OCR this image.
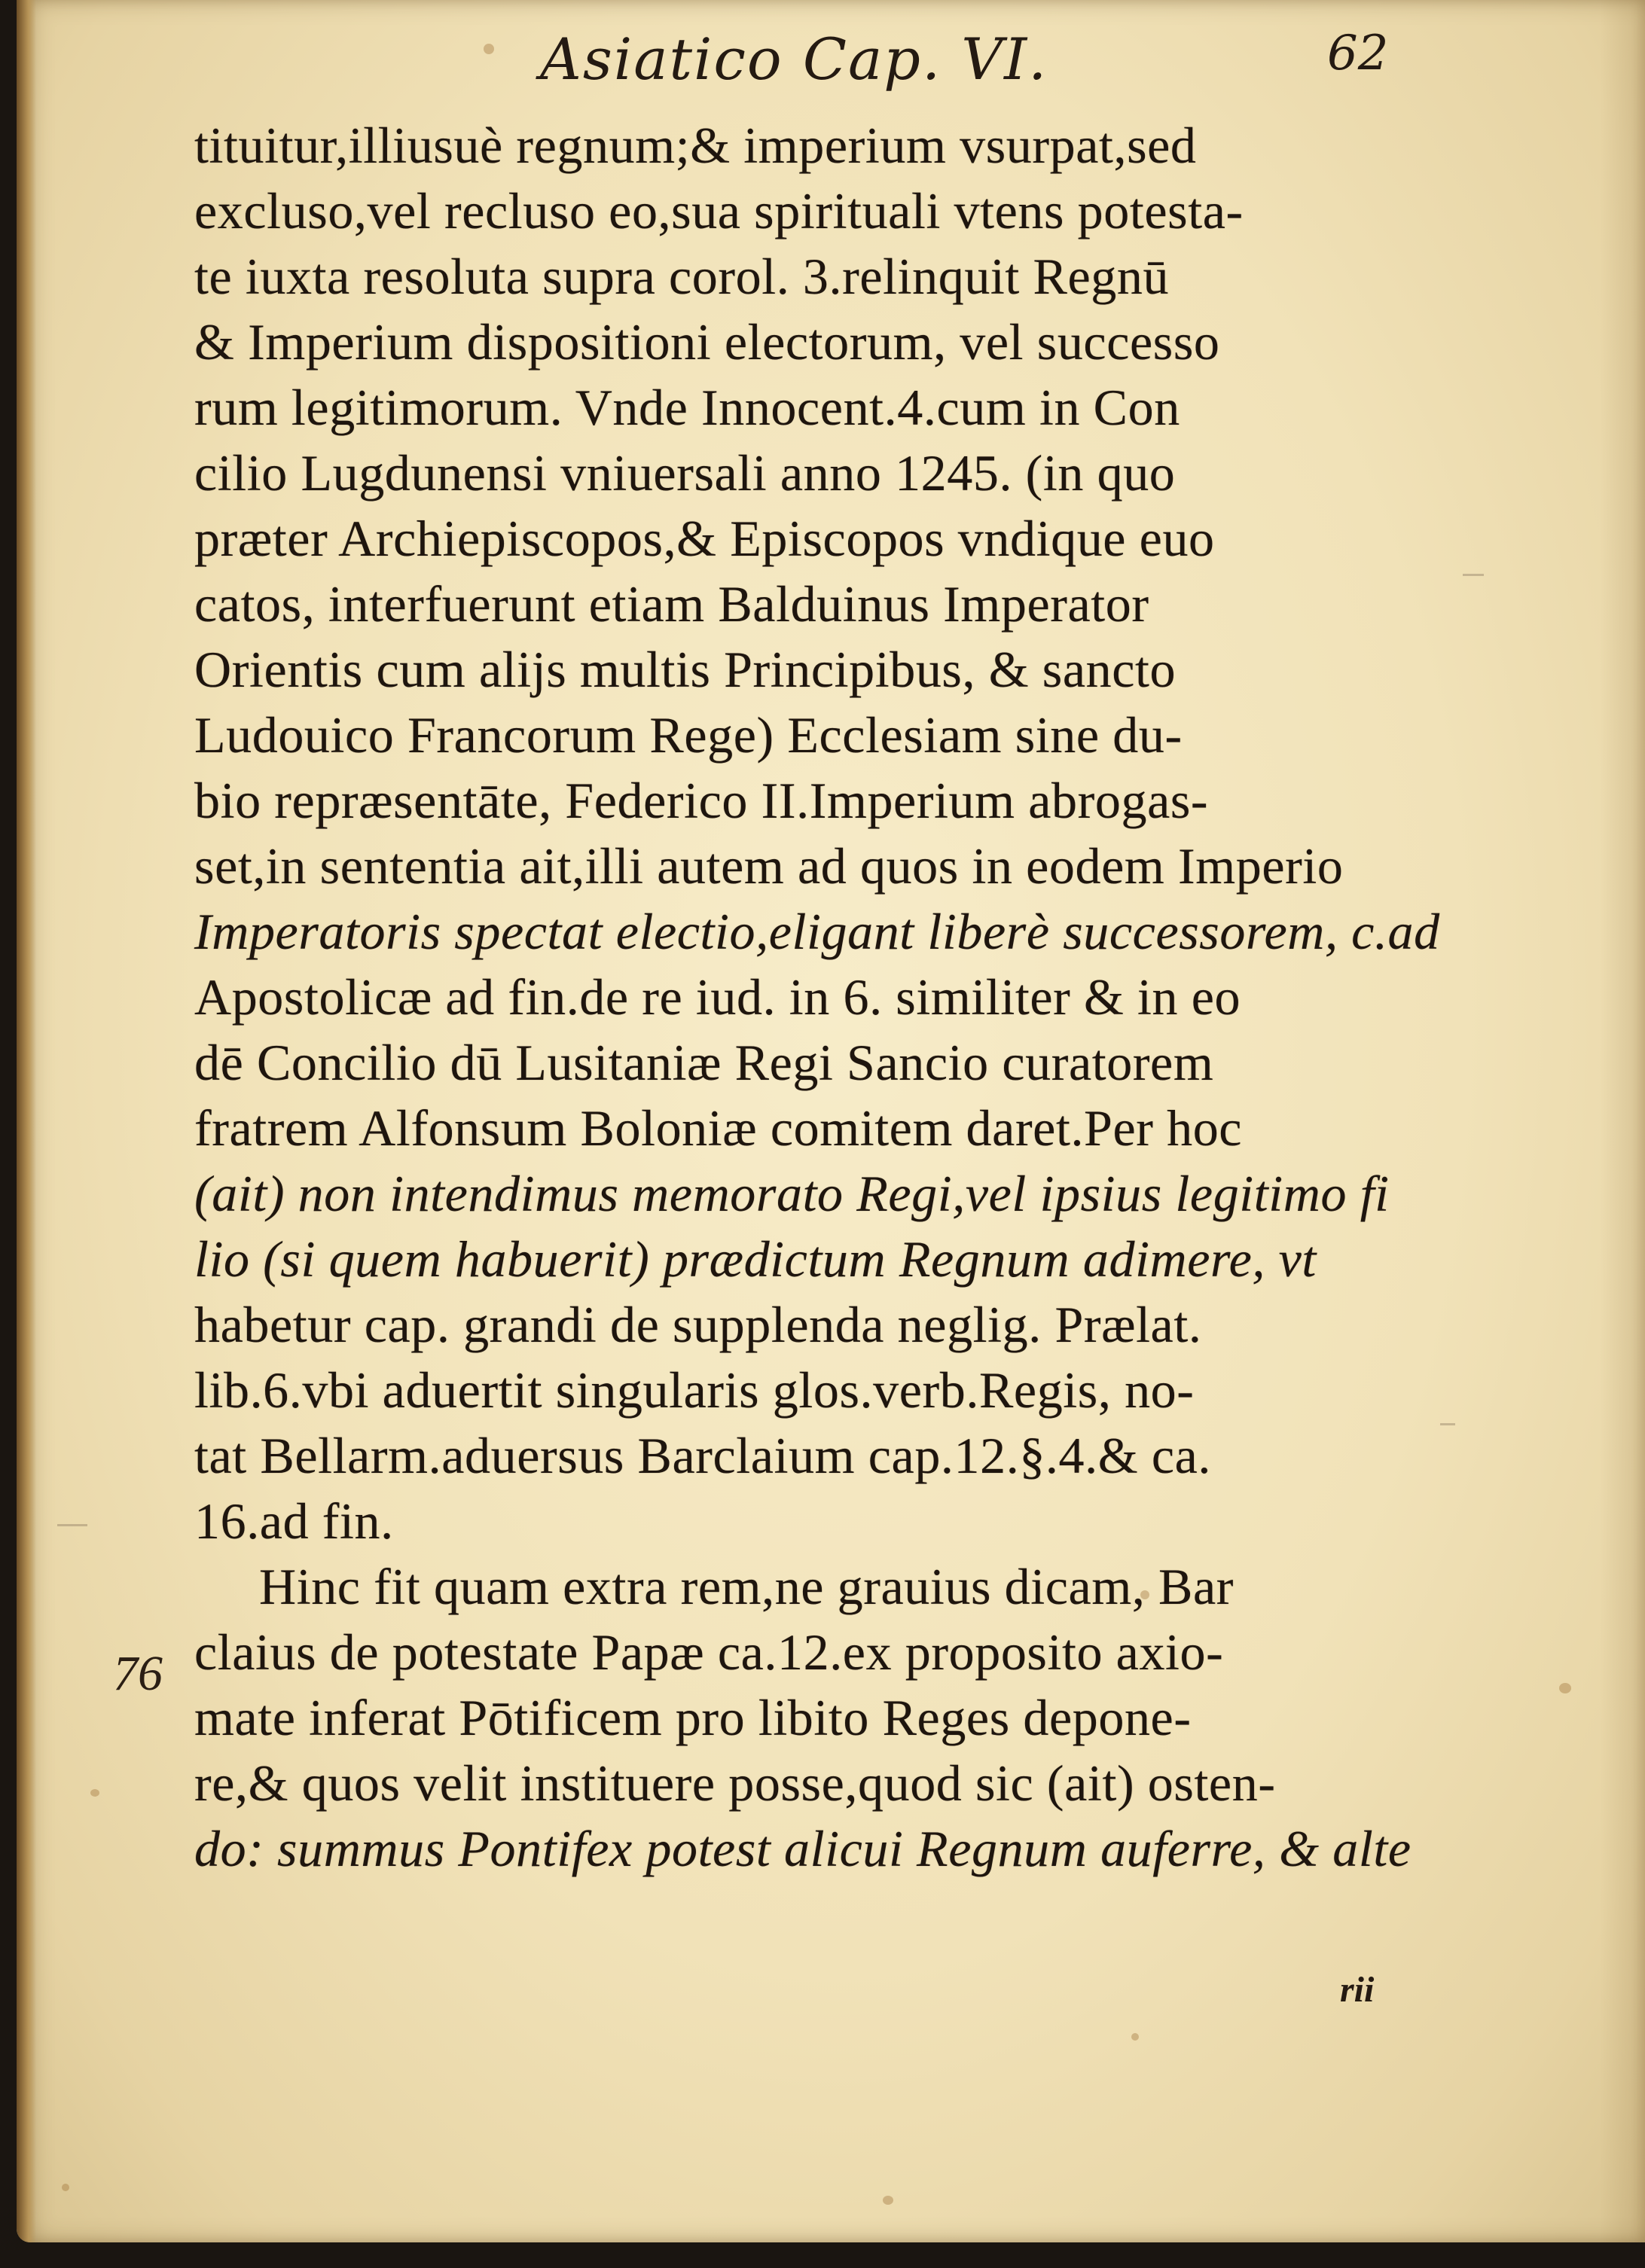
Asiatico Cap. VI.	62
tituitur,illiusuè regnum;& imperium vsurpat,sed
excluso,vel recluso eo,sua spirituali vtens potesta-
te iuxta resoluta supra corol. 3.relinquit Regnū
& Imperium dispositioni electorum, vel successo
rum legitimorum. Vnde Innocent.4.cum in Con
cilio Lugdunensi vniuersali anno 1245. (in quo
præter Archiepiscopos,& Episcopos vndique euo
catos, interfuerunt etiam Balduinus Imperator
Orientis cum alijs multis Principibus, & sancto
Ludouico Francorum Rege) Ecclesiam sine du-
bio repræsentāte, Federico II.Imperium abrogas-
set,in sententia ait,illi autem ad quos in eodem Imperio
Imperatoris spectat electio,eligant liberè successorem, c.ad
Apostolicæ ad fin.de re iud. in 6. similiter & in eo
dē Concilio dū Lusitaniæ Regi Sancio curatorem
fratrem Alfonsum Boloniæ comitem daret.Per hoc
(ait) non intendimus memorato Regi,vel ipsius legitimo fi
lio (si quem habuerit) prædictum Regnum adimere, vt
habetur cap. grandi de supplenda neglig. Prælat.
lib.6.vbi aduertit singularis glos.verb.Regis, no-
tat Bellarm.aduersus Barclaium cap.12.§.4.& ca.
16.ad fin.
Hinc fit quam extra rem,ne grauius dicam, Bar
claius de potestate Papæ ca.12.ex proposito axio-
mate inferat Pōtificem pro libito Reges depone-
re,& quos velit instituere posse,quod sic (ait) osten-
do: summus Pontifex potest alicui Regnum auferre, & alte
76
rii
